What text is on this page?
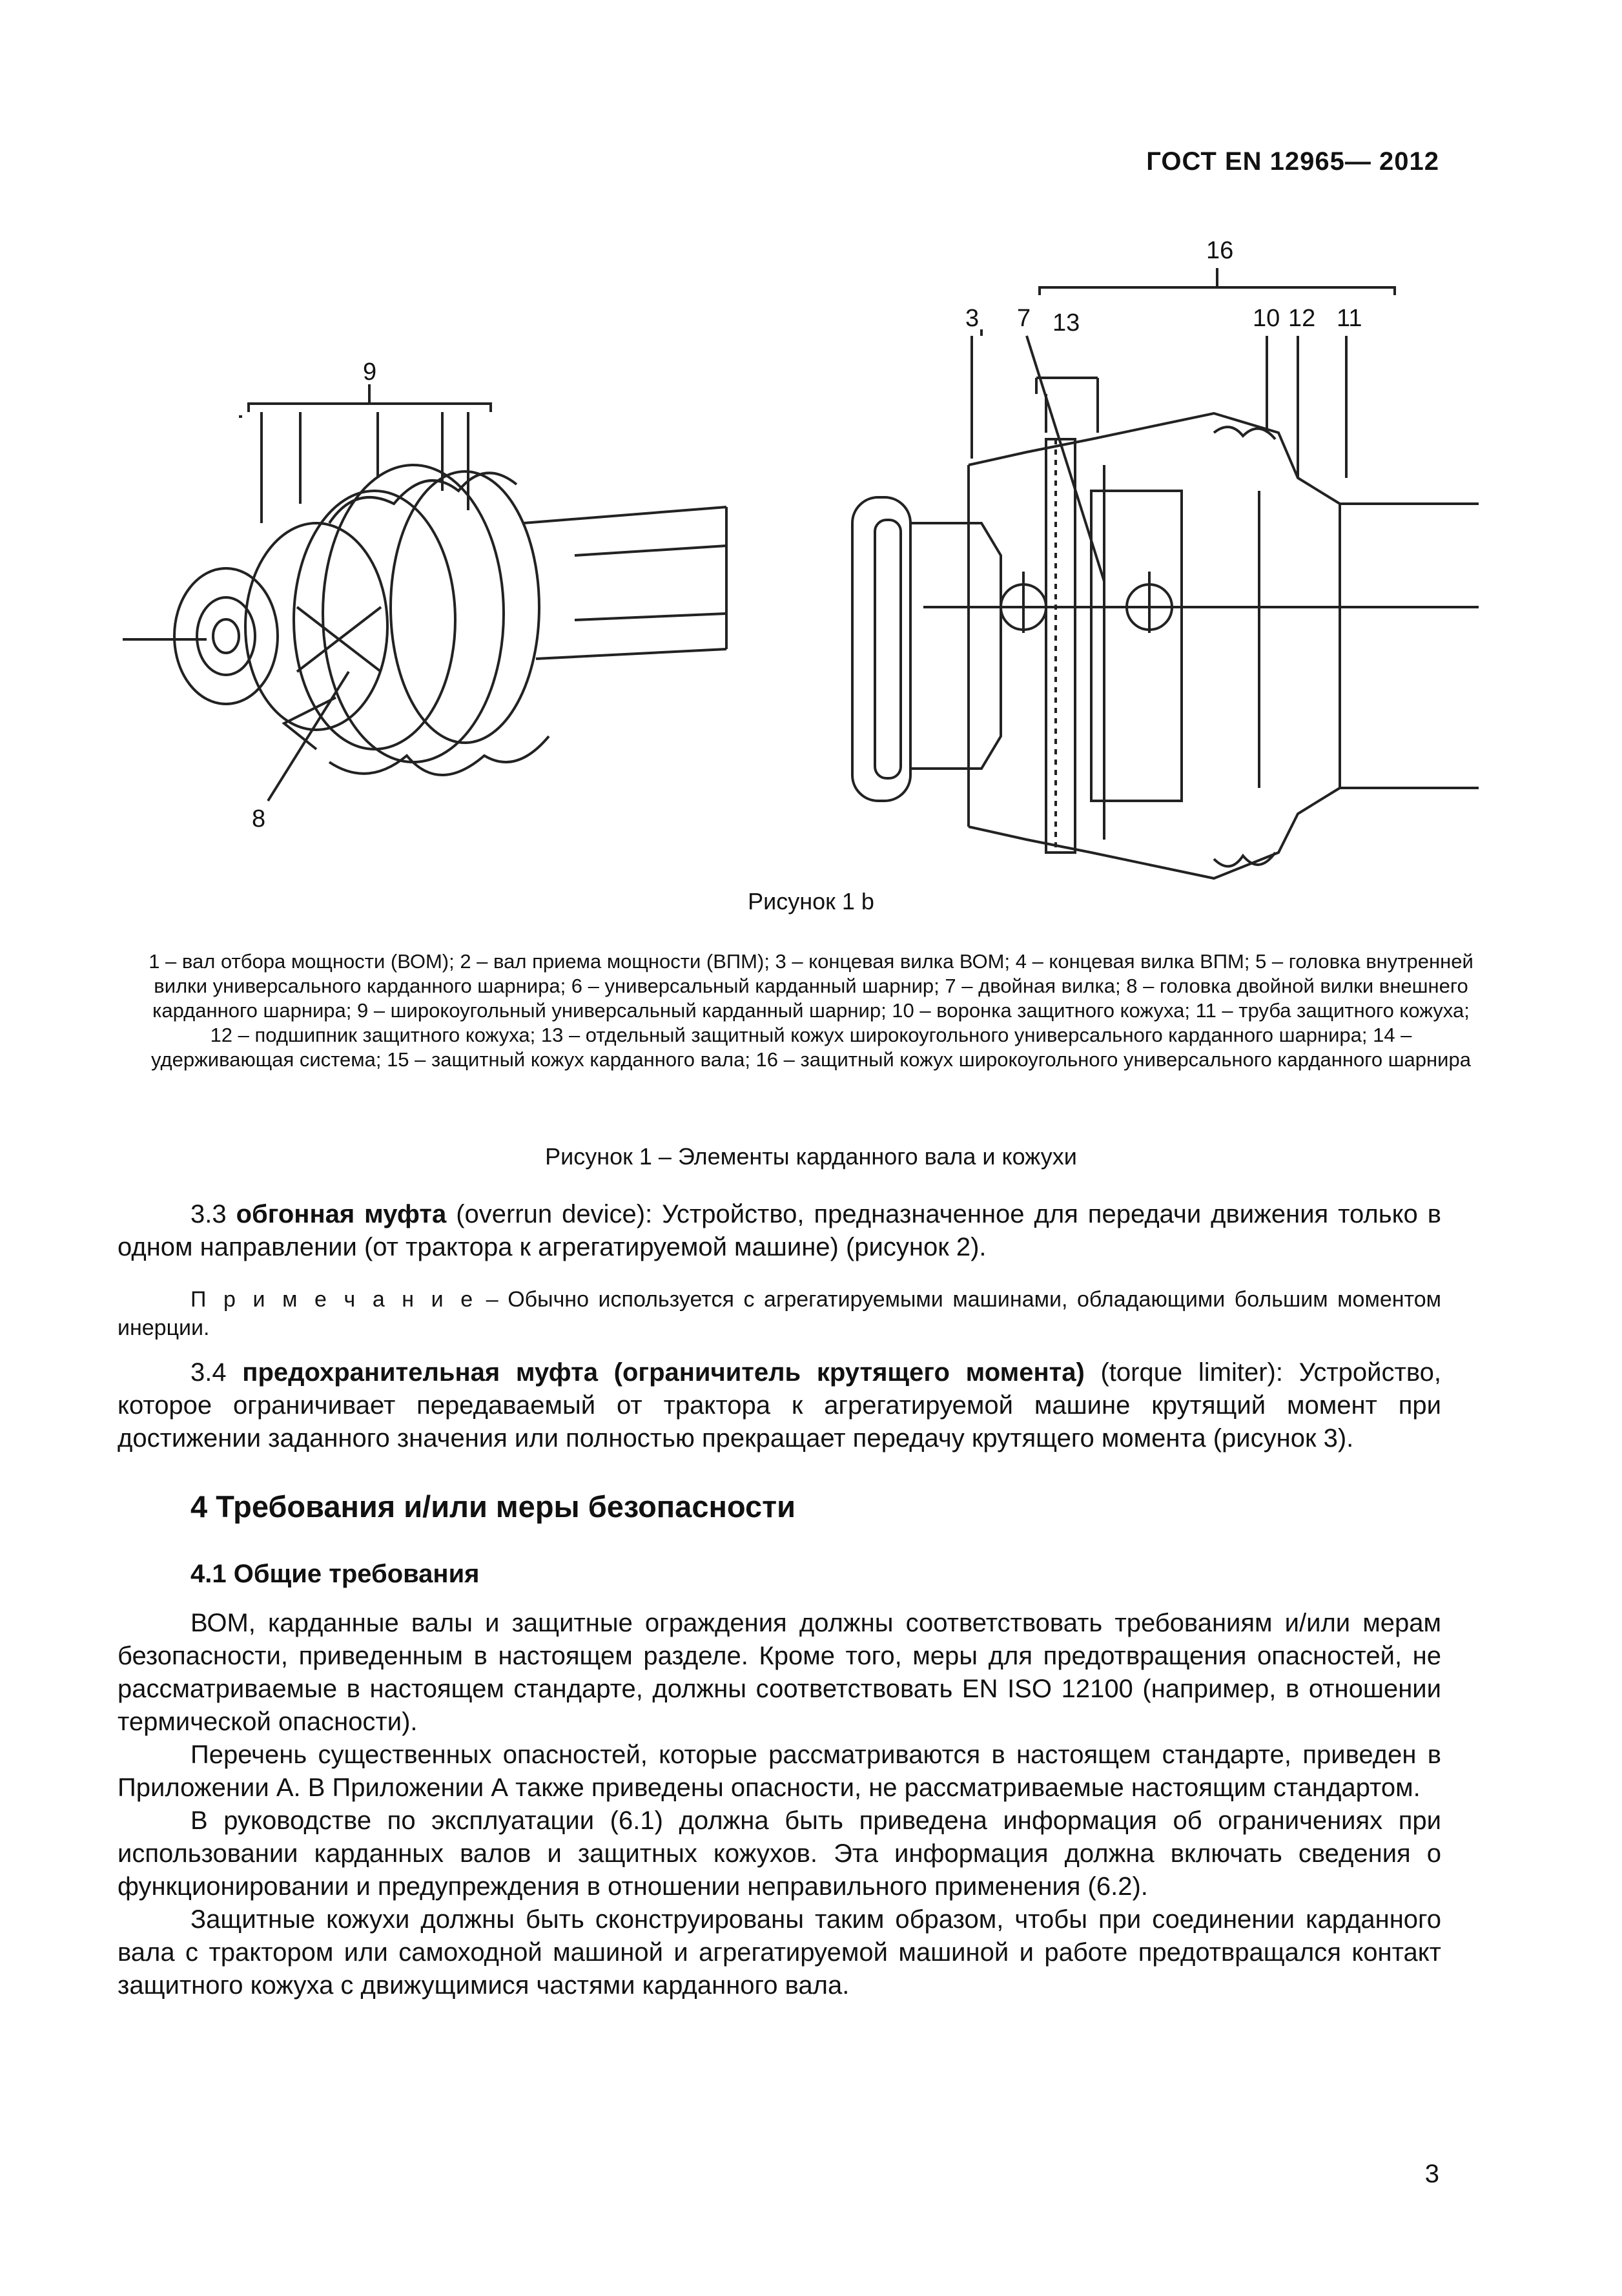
ГОСТ EN 12965— 2012
9
8
16
3 7 13	10 12 11
Рисунок 1 b
1 – вал отбора мощности (ВОМ); 2 – вал приема мощности (ВПМ); 3 – концевая вилка ВОМ; 4 – концевая вилка ВПМ; 5 – головка внутренней вилки универсального карданного шарнира; 6 – универсальный карданный шарнир; 7 – двойная вилка; 8 – головка двойной вилки внешнего карданного шарнира; 9 – широкоугольный универсальный карданный шарнир; 10 – воронка защитного кожуха; 11 – труба защитного кожуха; 12 – подшипник защитного кожуха; 13 – отдельный защитный кожух широкоугольного универсального карданного шарнира; 14 – удерживающая система; 15 – защитный кожух карданного вала; 16 – защитный кожух широкоугольного универсального карданного шарнира
Рисунок 1 – Элементы карданного вала и кожухи

3.3 обгонная муфта (overrun device): Устройство, предназначенное для передачи движения только в одном направлении (от трактора к агрегатируемой машине) (рисунок 2).

П р и м е ч а н и е – Обычно используется с агрегатируемыми машинами, обладающими большим моментом инерции.

3.4 предохранительная муфта (ограничитель крутящего момента) (torque limiter): Устройство, которое ограничивает передаваемый от трактора к агрегатируемой машине крутящий момент при достижении заданного значения или полностью прекращает передачу крутящего момента (рисунок 3).

4 Требования и/или меры безопасности
4.1 Общие требования

ВОМ, карданные валы и защитные ограждения должны соответствовать требованиям и/или мерам безопасности, приведенным в настоящем разделе. Кроме того, меры для предотвращения опасностей, не рассматриваемые в настоящем стандарте, должны соответствовать EN ISO 12100 (например, в отношении термической опасности).

Перечень существенных опасностей, которые рассматриваются в настоящем стандарте, приведен в Приложении А. В Приложении А также приведены опасности, не рассматриваемые настоящим стандартом.

В руководстве по эксплуатации (6.1) должна быть приведена информация об ограничениях при использовании карданных валов и защитных кожухов. Эта информация должна включать сведения о функционировании и предупреждения в отношении неправильного применения (6.2).

Защитные кожухи должны быть сконструированы таким образом, чтобы при соединении карданного вала с трактором или самоходной машиной и агрегатируемой машиной и работе предотвращался контакт защитного кожуха с движущимися частями карданного вала.

3
